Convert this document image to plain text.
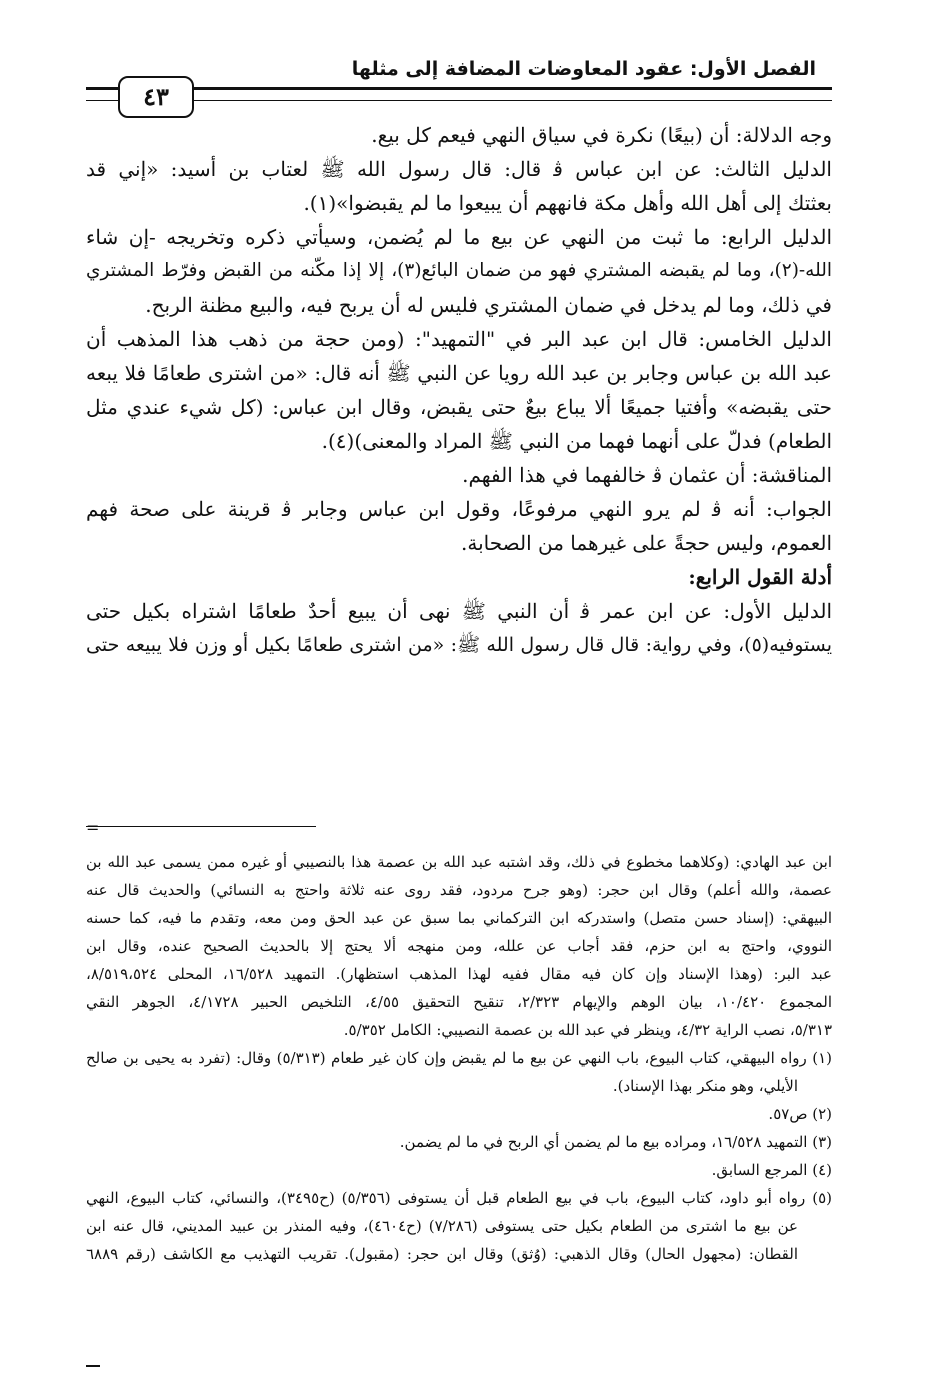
الفصل الأول: عقود المعاوضات المضافة إلى مثلها
٤٣
وجه الدلالة: أن (بيعًا) نكرة في سياق النهي فيعم كل بيع.
الدليل الثالث: عن ابن عباس ﭬ قال: قال رسول الله ﷺ لعتاب بن أسيد: «إني قد
بعثتك إلى أهل الله وأهل مكة فانههم أن يبيعوا ما لم يقبضوا»(١).
الدليل الرابع: ما ثبت من النهي عن بيع ما لم يُضمن، وسيأتي ذكره وتخريجه -إن شاء
الله-(٢)، وما لم يقبضه المشتري فهو من ضمان البائع(٣)، إلا إذا مكّنه من القبض وفرّط المشتري
في ذلك، وما لم يدخل في ضمان المشتري فليس له أن يربح فيه، والبيع مظنة الربح.
الدليل الخامس: قال ابن عبد البر في "التمهيد": (ومن حجة من ذهب هذا المذهب أن
عبد الله بن عباس وجابر بن عبد الله رويا عن النبي ﷺ أنه قال: «من اشترى طعامًا فلا يبعه
حتى يقبضه» وأفتيا جميعًا ألا يباع بيعٌ حتى يقبض، وقال ابن عباس: (كل شيء عندي مثل
الطعام) فدلّ على أنهما فهما من النبي ﷺ المراد والمعنى)(٤).
المناقشة: أن عثمان ﭬ خالفهما في هذا الفهم.
الجواب: أنه ﭬ لم يرو النهي مرفوعًا، وقول ابن عباس وجابر ﭬ قرينة على صحة فهم
العموم، وليس حجةً على غيرهما من الصحابة.
أدلة القول الرابع:
الدليل الأول: عن ابن عمر ﭬ أن النبي ﷺ نهى أن يبيع أحدٌ طعامًا اشتراه بكيل حتى
يستوفيه(٥)، وفي رواية: قال قال رسول الله ﷺ: «من اشترى طعامًا بكيل أو وزن فلا يبيعه حتى
=
ابن عبد الهادي: (وكلاهما مخطوع في ذلك، وقد اشتبه عبد الله بن عصمة هذا بالنصيبي أو غيره ممن يسمى عبد الله بن
عصمة، والله أعلم) وقال ابن حجر: (وهو جرح مردود، فقد روى عنه ثلاثة واحتج به النسائي) والحديث قال عنه
البيهقي: (إسناد حسن متصل) واستدركه ابن التركماني بما سبق عن عبد الحق ومن معه، وتقدم ما فيه، كما حسنه
النووي، واحتج به ابن حزم، فقد أجاب عن علله، ومن منهجه ألا يحتج إلا بالحديث الصحيح عنده، وقال ابن
عبد البر: (وهذا الإسناد وإن كان فيه مقال ففيه لهذا المذهب استظهار). التمهيد ١٦/٥٢٨، المحلى ٨/٥١٩،٥٢٤،
المجموع ١٠/٤٢٠، بيان الوهم والإيهام ٢/٣٢٣، تنقيح التحقيق ٤/٥٥، التلخيص الحبير ٤/١٧٢٨، الجوهر النقي
٥/٣١٣، نصب الراية ٤/٣٢، وينظر في عبد الله بن عصمة النصيبي: الكامل ٥/٣٥٢.
(١) رواه البيهقي، كتاب البيوع، باب النهي عن بيع ما لم يقبض وإن كان غير طعام (٥/٣١٣) وقال: (تفرد به يحيى بن صالح
الأيلي، وهو منكر بهذا الإسناد).
(٢) ص٥٧.
(٣) التمهيد ١٦/٥٢٨، ومراده بيع ما لم يضمن أي الربح في ما لم يضمن.
(٤) المرجع السابق.
(٥) رواه أبو داود، كتاب البيوع، باب في بيع الطعام قبل أن يستوفى (٥/٣٥٦) (ح٣٤٩٥)، والنسائي، كتاب البيوع، النهي
عن بيع ما اشترى من الطعام بكيل حتى يستوفى (٧/٢٨٦) (ح٤٦٠٤)، وفيه المنذر بن عبيد المديني، قال عنه ابن
القطان: (مجهول الحال) وقال الذهبي: (وُثق) وقال ابن حجر: (مقبول). تقريب التهذيب مع الكاشف (رقم ٦٨٨٩
